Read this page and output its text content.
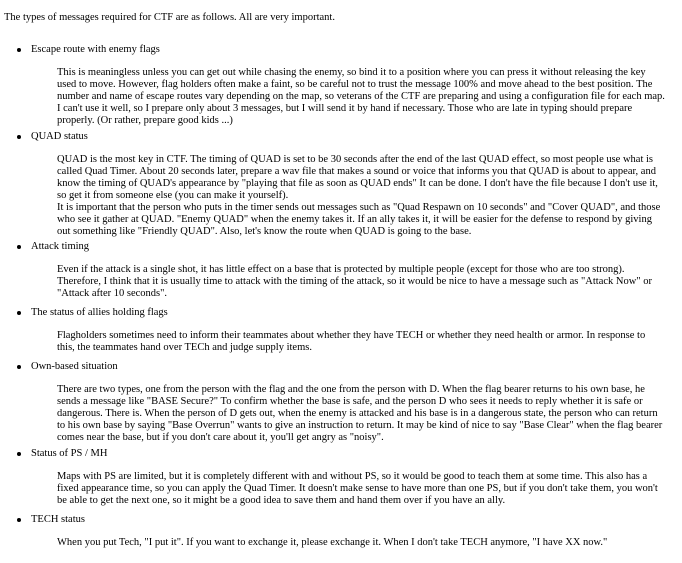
The types of messages required for CTF are as follows. All are very important.
Escape route with enemy flags
This is meaningless unless you can get out while chasing the enemy, so bind it to a position where you can press it without releasing the key used to move. However, flag holders often make a faint, so be careful not to trust the message 100% and move ahead to the best position. The number and name of escape routes vary depending on the map, so veterans of the CTF are preparing and using a configuration file for each map. I can't use it well, so I prepare only about 3 messages, but I will send it by hand if necessary. Those who are late in typing should prepare properly. (Or rather, prepare good kids ...)
QUAD status
QUAD is the most key in CTF. The timing of QUAD is set to be 30 seconds after the end of the last QUAD effect, so most people use what is called Quad Timer. About 20 seconds later, prepare a wav file that makes a sound or voice that informs you that QUAD is about to appear, and know the timing of QUAD's appearance by "playing that file as soon as QUAD ends" It can be done. I don't have the file because I don't use it, so get it from someone else (you can make it yourself).
It is important that the person who puts in the timer sends out messages such as "Quad Respawn on 10 seconds" and "Cover QUAD", and those who see it gather at QUAD. "Enemy QUAD" when the enemy takes it. If an ally takes it, it will be easier for the defense to respond by giving out something like "Friendly QUAD". Also, let's know the route when QUAD is going to the base.
Attack timing
Even if the attack is a single shot, it has little effect on a base that is protected by multiple people (except for those who are too strong). Therefore, I think that it is usually time to attack with the timing of the attack, so it would be nice to have a message such as "Attack Now" or "Attack after 10 seconds".
The status of allies holding flags
Flagholders sometimes need to inform their teammates about whether they have TECH or whether they need health or armor. In response to this, the teammates hand over TECh and judge supply items.
Own-based situation
There are two types, one from the person with the flag and the one from the person with D. When the flag bearer returns to his own base, he sends a message like "BASE Secure?" To confirm whether the base is safe, and the person D who sees it needs to reply whether it is safe or dangerous. There is. When the person of D gets out, when the enemy is attacked and his base is in a dangerous state, the person who can return to his own base by saying "Base Overrun" wants to give an instruction to return. It may be kind of nice to say "Base Clear" when the flag bearer comes near the base, but if you don't care about it, you'll get angry as "noisy".
Status of PS / MH
Maps with PS are limited, but it is completely different with and without PS, so it would be good to teach them at some time. This also has a fixed appearance time, so you can apply the Quad Timer. It doesn't make sense to have more than one PS, but if you don't take them, you won't be able to get the next one, so it might be a good idea to save them and hand them over if you have an ally.
TECH status
When you put Tech, "I put it". If you want to exchange it, please exchange it. When I don't take TECH anymore, "I have XX now."
